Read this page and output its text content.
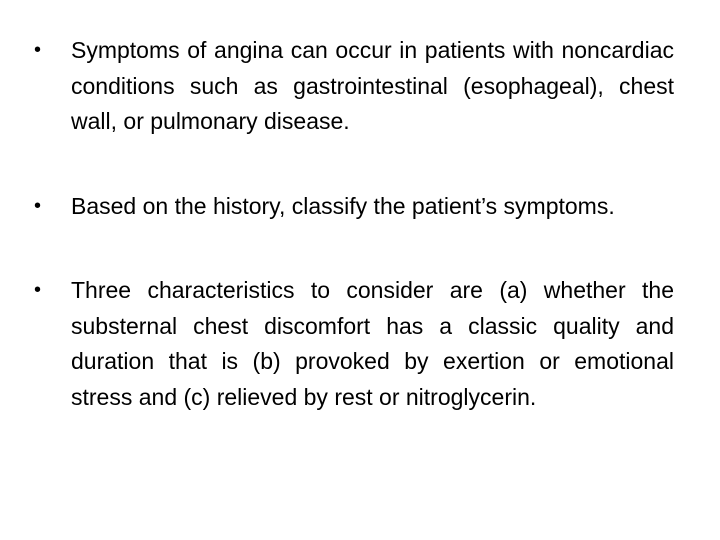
•	Symptoms of angina can occur in patients with noncardiac conditions such as gastrointestinal (esophageal), chest wall, or pulmonary disease.
•	Based on the history, classify the patient’s symptoms.
•	Three characteristics to consider are (a) whether the substernal chest discomfort has a classic quality and duration that is (b) provoked by exertion or emotional stress and (c) relieved by rest or nitroglycerin.
